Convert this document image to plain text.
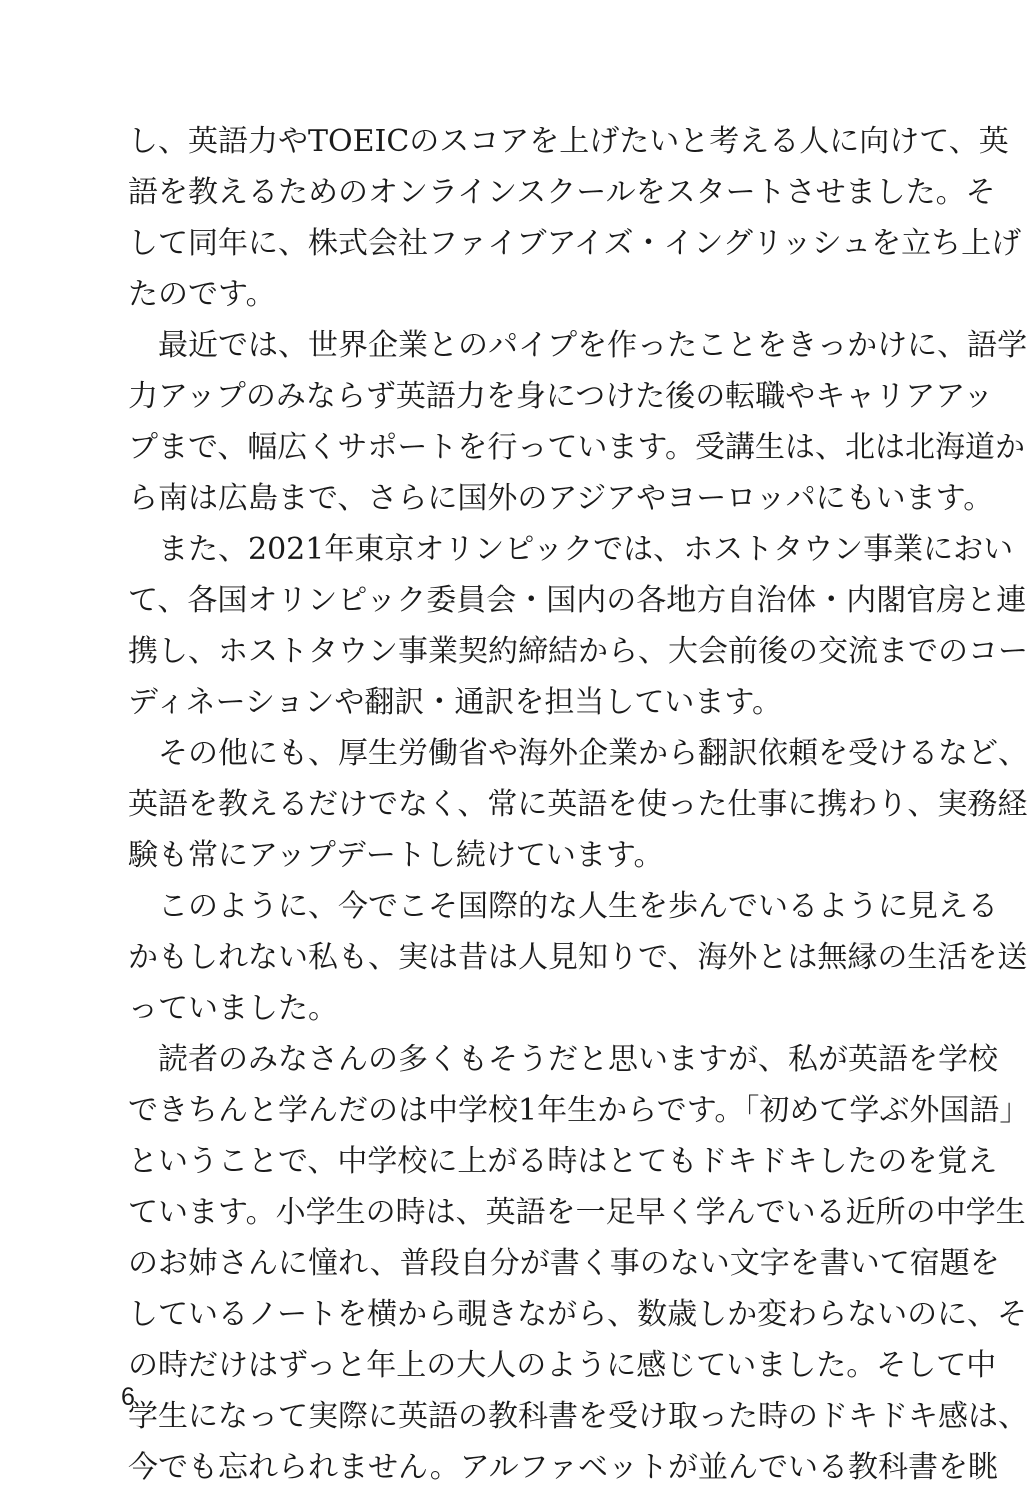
し、英語力やTOEICのスコアを上げたいと考える人に向けて、英
語を教えるためのオンラインスクールをスタートさせました。そ
して同年に、株式会社ファイブアイズ・イングリッシュを立ち上げ
たのです。
最近では、世界企業とのパイプを作ったことをきっかけに、語学
力アップのみならず英語力を身につけた後の転職やキャリアアッ
プまで、幅広くサポートを行っています。受講生は、北は北海道か
ら南は広島まで、さらに国外のアジアやヨーロッパにもいます。
また、2021年東京オリンピックでは、ホストタウン事業におい
て、各国オリンピック委員会・国内の各地方自治体・内閣官房と連
携し、ホストタウン事業契約締結から、大会前後の交流までのコー
ディネーションや翻訳・通訳を担当しています。
その他にも、厚生労働省や海外企業から翻訳依頼を受けるなど、
英語を教えるだけでなく、常に英語を使った仕事に携わり、実務経
験も常にアップデートし続けています。
このように、今でこそ国際的な人生を歩んでいるように見える
かもしれない私も、実は昔は人見知りで、海外とは無縁の生活を送
っていました。
読者のみなさんの多くもそうだと思いますが、私が英語を学校
できちんと学んだのは中学校1年生からです。「初めて学ぶ外国語」
ということで、中学校に上がる時はとてもドキドキしたのを覚え
ています。小学生の時は、英語を一足早く学んでいる近所の中学生
のお姉さんに憧れ、普段自分が書く事のない文字を書いて宿題を
しているノートを横から覗きながら、数歳しか変わらないのに、そ
の時だけはずっと年上の大人のように感じていました。そして中
学生になって実際に英語の教科書を受け取った時のドキドキ感は、
今でも忘れられません。アルファベットが並んでいる教科書を眺
6
